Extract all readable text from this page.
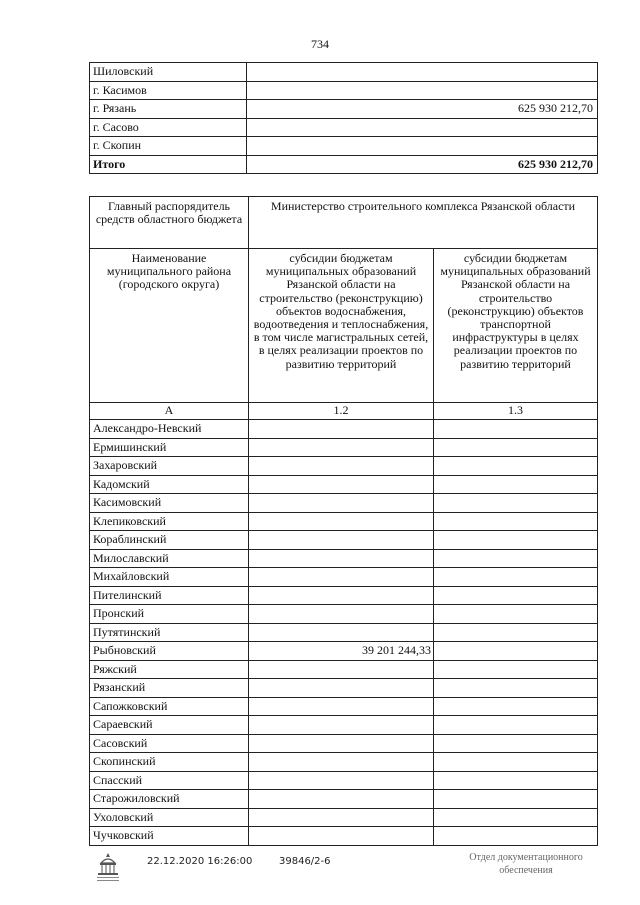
734
Шиловский	
г. Касимов	
г. Рязань	625 930 212,70
г. Сасово	
г. Скопин	
Итого	625 930 212,70
Главный распорядитель средств областного бюджета	Министерство строительного комплекса Рязанской области	
Наименование муниципального района (городского округа)	субсидии бюджетам муниципальных образований Рязанской области на строительство (реконструкцию) объектов водоснабжения, водоотведения и теплоснабжения, в том числе магистральных сетей, в целях реализации проектов по развитию территорий	субсидии бюджетам муниципальных образований Рязанской области на строительство (реконструкцию) объектов транспортной инфраструктуры в целях реализации проектов по развитию территорий
А	1.2	1.3
Александро-Невский		
Ермишинский		
Захаровский		
Кадомский		
Касимовский		
Клепиковский		
Кораблинский		
Милославский		
Михайловский		
Пителинский		
Пронский		
Путятинский		
Рыбновский	39 201 244,33	
Ряжский		
Рязанский		
Сапожковский		
Сараевский		
Сасовский		
Скопинский		
Спасский		
Старожиловский		
Ухоловский		
Чучковский		
22.12.2020 16:26:00	39846/2-6	Отдел документационного
обеспечения
